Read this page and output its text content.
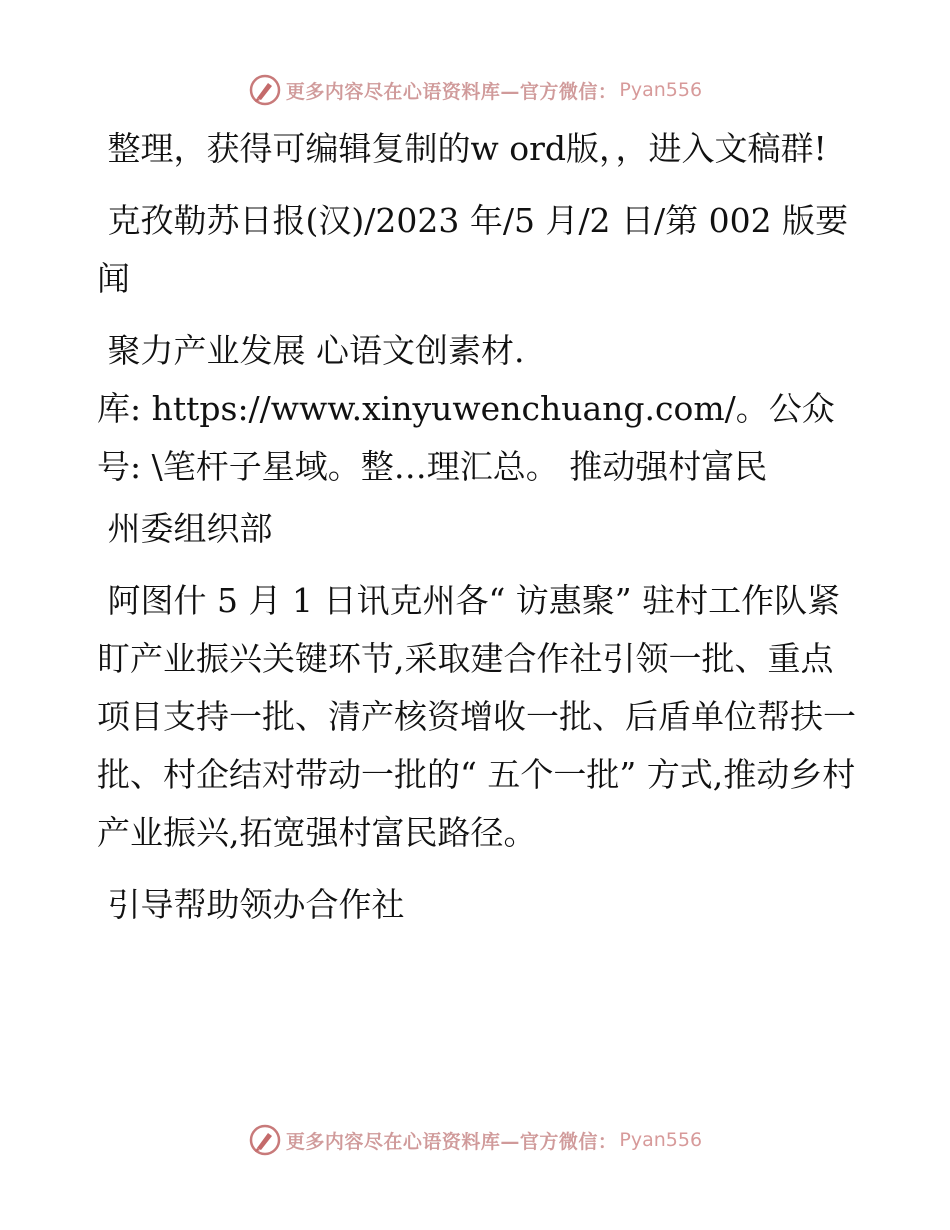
更多内容尽在心语资料库—官方微信： Pyan556

整理，获得可编辑复制的w ord版，，进入文稿群!

克孜勒苏日报(汉)/2023 年/5 月/2 日/第 002 版要闻

聚力产业发展 心语文创素材.
库: https://www.xinyuwenchuang.com/。公众号: \笔杆子星域。整…理汇总。 推动强村富民

州委组织部

阿图什 5 月 1 日讯克州各“ 访惠聚” 驻村工作队紧盯产业振兴关键环节,采取建合作社引领一批、重点项目支持一批、清产核资增收一批、后盾单位帮扶一批、村企结对带动一批的“ 五个一批” 方式,推动乡村产业振兴,拓宽强村富民路径。

引导帮助领办合作社

更多内容尽在心语资料库—官方微信： Pyan556
